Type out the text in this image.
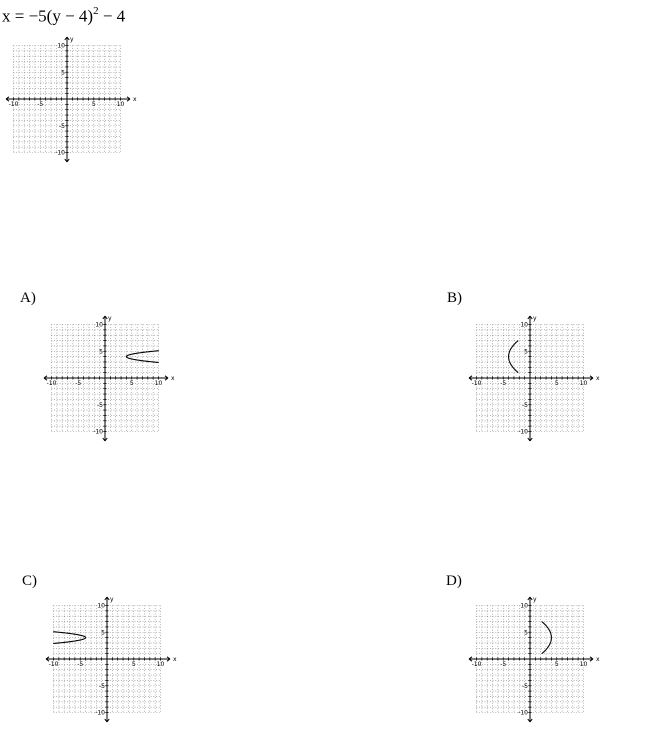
$x = -5(y - 4)^2 - 4$
-10	-5	5	10
10
5
-5
-10
x
y
A)
-10	-5	5	10
10
5
-5
-10
x
y
B)
-10	-5	5	10
10
5
-5
-10
x
y
C)
-10	-5	5	10
10
5
-5
-10
x
y
D)
-10	-5	5	10
10
5
-5
-10
x
y
